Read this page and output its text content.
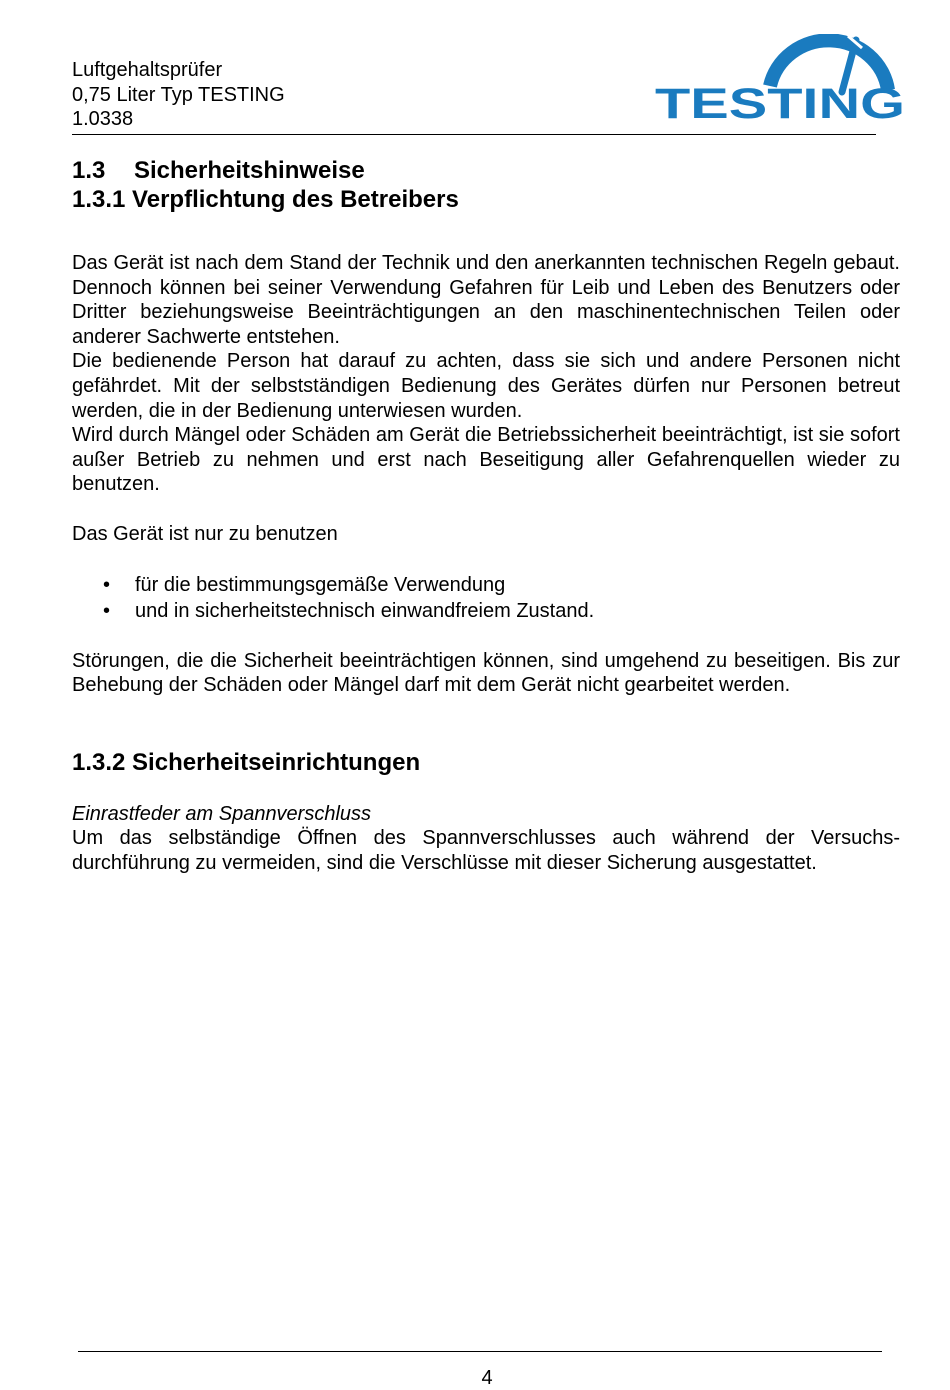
Luftgehaltsprüfer
0,75 Liter Typ TESTING
1.0338	TESTING
1.3 Sicherheitshinweise
1.3.1 Verpflichtung des Betreibers

Das Gerät ist nach dem Stand der Technik und den anerkannten technischen Regeln gebaut. Dennoch können bei seiner Verwendung Gefahren für Leib und Leben des Benutzers oder Dritter beziehungsweise Beeinträchtigungen an den maschinentechnischen Teilen oder anderer Sachwerte entstehen.

Die bedienende Person hat darauf zu achten, dass sie sich und andere Personen nicht gefährdet. Mit der selbstständigen Bedienung des Gerätes dürfen nur Personen betreut werden, die in der Bedienung unterwiesen wurden.

Wird durch Mängel oder Schäden am Gerät die Betriebssicherheit beeinträchtigt, ist sie sofort außer Betrieb zu nehmen und erst nach Beseitigung aller Gefahrenquellen wieder zu benutzen.

Das Gerät ist nur zu benutzen

• für die bestimmungsgemäße Verwendung
• und in sicherheitstechnisch einwandfreiem Zustand.

Störungen, die die Sicherheit beeinträchtigen können, sind umgehend zu beseitigen. Bis zur Behebung der Schäden oder Mängel darf mit dem Gerät nicht gearbeitet werden.

1.3.2 Sicherheitseinrichtungen

Einrastfeder am Spannverschluss

Um das selbständige Öffnen des Spannverschlusses auch während der Versuchsdurchführung zu vermeiden, sind die Verschlüsse mit dieser Sicherung ausgestattet.

4
